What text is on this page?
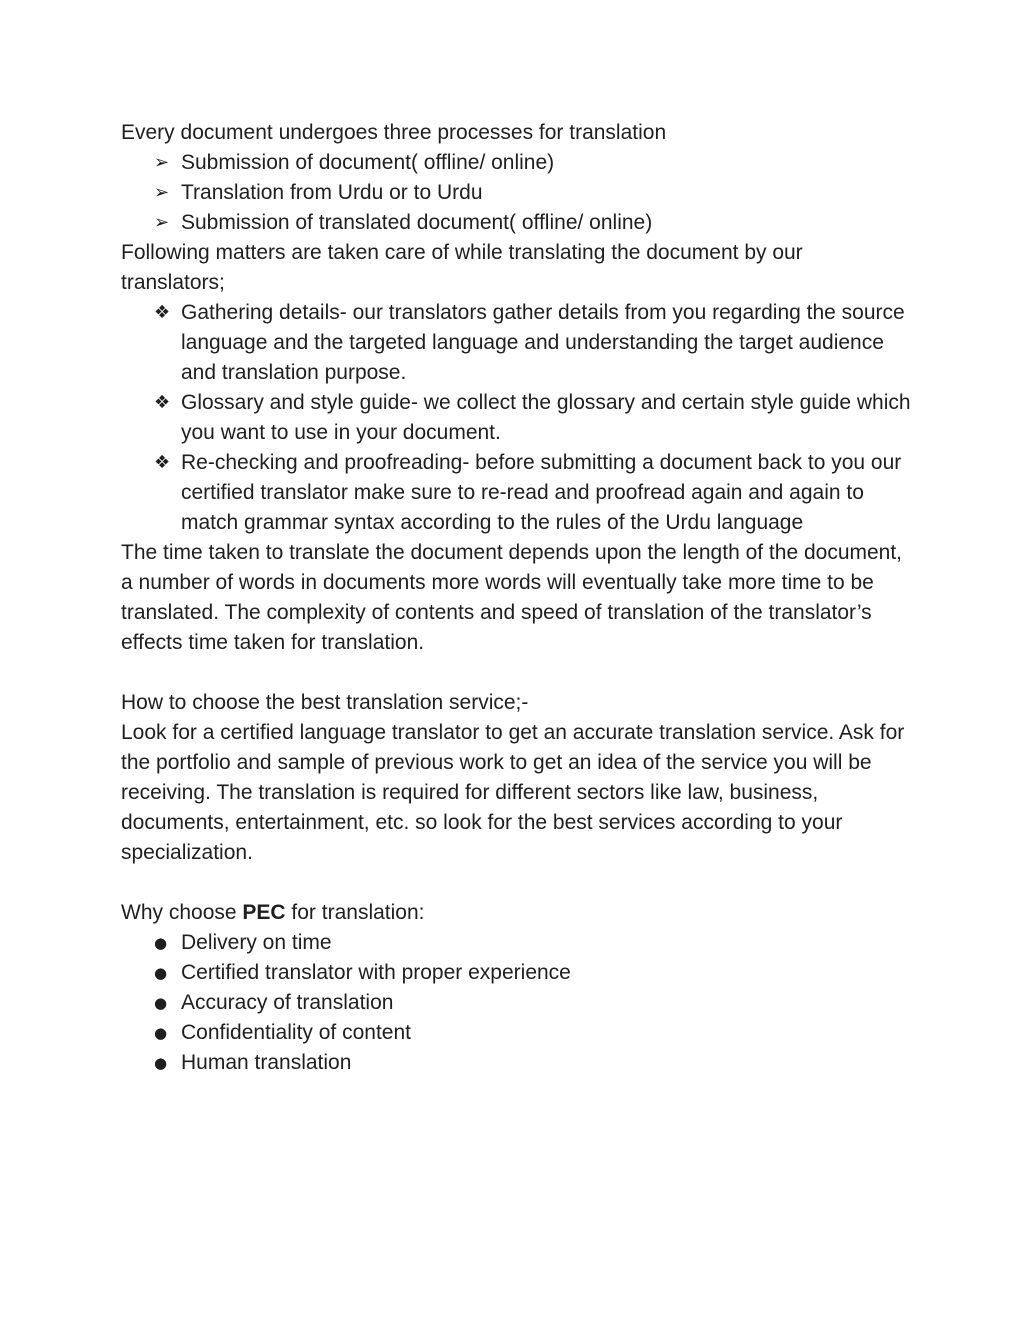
Every document undergoes three processes for translation

➢ Submission of document( offline/ online)
➢ Translation from Urdu or to Urdu
➢ Submission of translated document( offline/ online)

Following matters are taken care of while translating the document by our translators;

❖ Gathering details- our translators gather details from you regarding the source language and the targeted language and understanding the target audience and translation purpose.
❖ Glossary and style guide- we collect the glossary and certain style guide which you want to use in your document.
❖ Re-checking and proofreading- before submitting a document back to you our certified translator make sure to re-read and proofread again and again to match grammar syntax according to the rules of the Urdu language

The time taken to translate the document depends upon the length of the document, a number of words in documents more words will eventually take more time to be translated. The complexity of contents and speed of translation of the translator’s effects time taken for translation.

How to choose the best translation service;-

Look for a certified language translator to get an accurate translation service. Ask for the portfolio and sample of previous work to get an idea of the service you will be receiving. The translation is required for different sectors like law, business, documents, entertainment, etc. so look for the best services according to your specialization.

Why choose PEC for translation:

● Delivery on time
● Certified translator with proper experience
● Accuracy of translation
● Confidentiality of content
● Human translation
